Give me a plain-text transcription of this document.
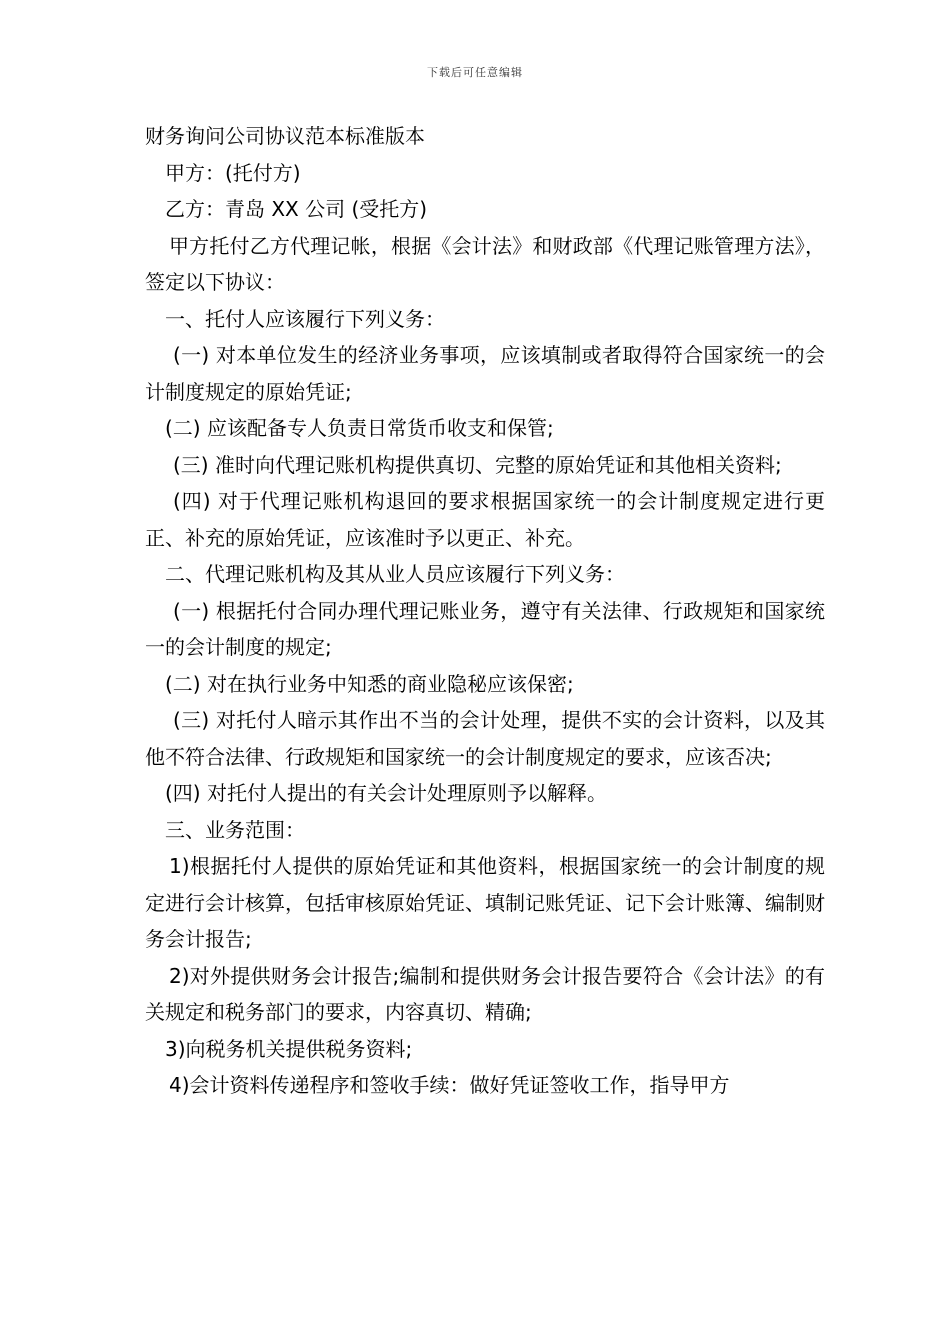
下载后可任意编辑

财务询问公司协议范本标准版本

甲方：(托付方)

乙方：青岛 XX 公司 (受托方)

甲方托付乙方代理记帐，根据《会计法》和财政部《代理记账管理方法》，签定以下协议：

一、托付人应该履行下列义务：

(一) 对本单位发生的经济业务事项，应该填制或者取得符合国家统一的会计制度规定的原始凭证;

(二) 应该配备专人负责日常货币收支和保管;

(三) 准时向代理记账机构提供真切、完整的原始凭证和其他相关资料;

(四) 对于代理记账机构退回的要求根据国家统一的会计制度规定进行更正、补充的原始凭证，应该准时予以更正、补充。

二、代理记账机构及其从业人员应该履行下列义务：

(一) 根据托付合同办理代理记账业务，遵守有关法律、行政规矩和国家统一的会计制度的规定;

(二) 对在执行业务中知悉的商业隐秘应该保密;

(三) 对托付人暗示其作出不当的会计处理，提供不实的会计资料，以及其他不符合法律、行政规矩和国家统一的会计制度规定的要求，应该否决;

(四) 对托付人提出的有关会计处理原则予以解释。

三、业务范围：

1)根据托付人提供的原始凭证和其他资料，根据国家统一的会计制度的规定进行会计核算，包括审核原始凭证、填制记账凭证、记下会计账簿、编制财务会计报告;

2)对外提供财务会计报告;编制和提供财务会计报告要符合《会计法》的有关规定和税务部门的要求，内容真切、精确;

3)向税务机关提供税务资料;

4)会计资料传递程序和签收手续：做好凭证签收工作，指导甲方
